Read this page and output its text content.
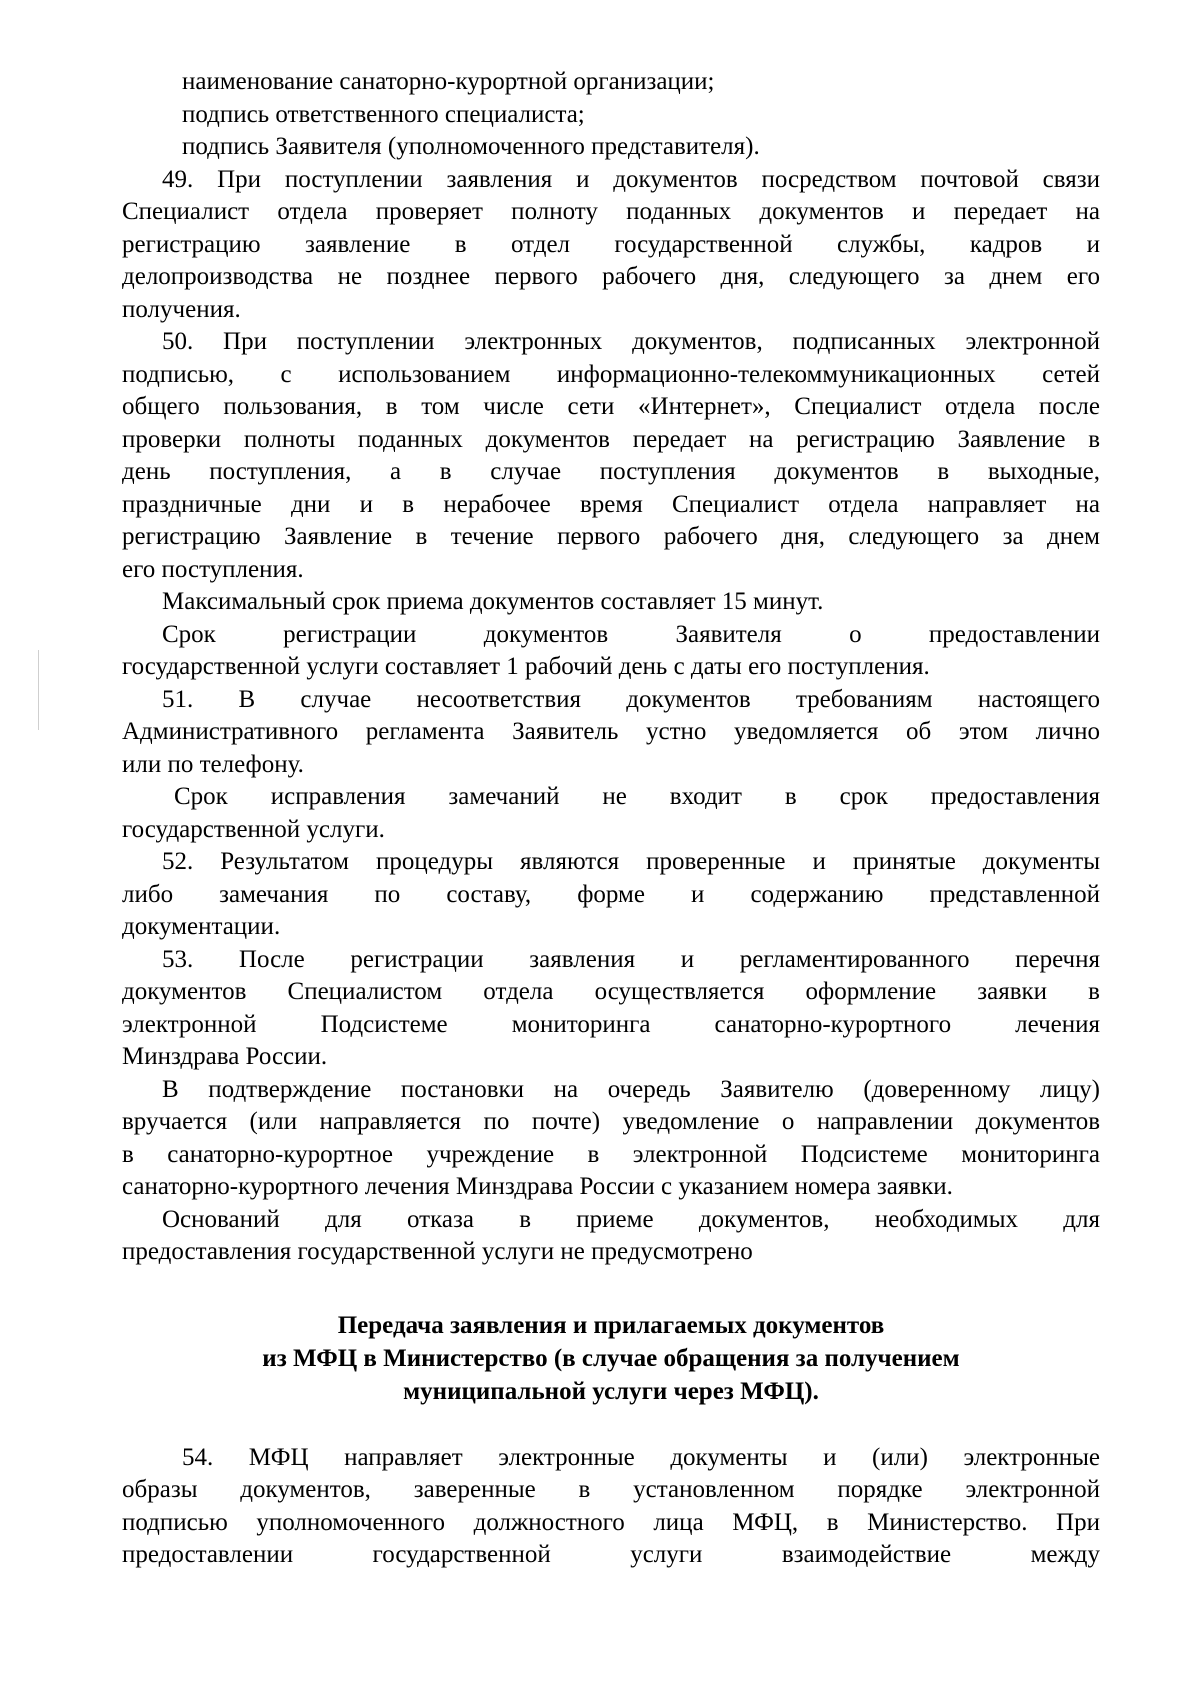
наименование санаторно-курортной организации;
подпись ответственного специалиста;
подпись Заявителя (уполномоченного представителя).
49. При поступлении заявления и документов посредством почтовой связи
Специалист отдела проверяет полноту поданных документов и передает на
регистрацию заявление в отдел государственной службы, кадров и
делопроизводства не позднее первого рабочего дня, следующего за днем его
получения.
50. При поступлении электронных документов, подписанных электронной
подписью, с использованием информационно-телекоммуникационных сетей
общего пользования, в том числе сети «Интернет», Специалист отдела после
проверки полноты поданных документов передает на регистрацию Заявление в
день поступления, а в случае поступления документов в выходные,
праздничные дни и в нерабочее время Специалист отдела направляет на
регистрацию Заявление в течение первого рабочего дня, следующего за днем
его поступления.
Максимальный срок приема документов составляет 15 минут.
Срок регистрации документов Заявителя о предоставлении
государственной услуги составляет 1 рабочий день с даты его поступления.
51. В случае несоответствия документов требованиям настоящего
Административного регламента Заявитель устно уведомляется об этом лично
или по телефону.
Срок исправления замечаний не входит в срок предоставления
государственной услуги.
52. Результатом процедуры являются проверенные и принятые документы
либо замечания по составу, форме и содержанию представленной
документации.
53. После регистрации заявления и регламентированного перечня
документов Специалистом отдела осуществляется оформление заявки в
электронной Подсистеме мониторинга санаторно-курортного лечения
Минздрава России.
В подтверждение постановки на очередь Заявителю (доверенному лицу)
вручается (или направляется по почте) уведомление о направлении документов
в санаторно-курортное учреждение в электронной Подсистеме мониторинга
санаторно-курортного лечения Минздрава России с указанием номера заявки.
Оснований для отказа в приеме документов, необходимых для
предоставления государственной услуги не предусмотрено
Передача заявления и прилагаемых документов
из МФЦ в Министерство (в случае обращения за получением
муниципальной услуги через МФЦ).
54. МФЦ направляет электронные документы и (или) электронные
образы документов, заверенные в установленном порядке электронной
подписью уполномоченного должностного лица МФЦ, в Министерство. При
предоставлении государственной услуги взаимодействие между
